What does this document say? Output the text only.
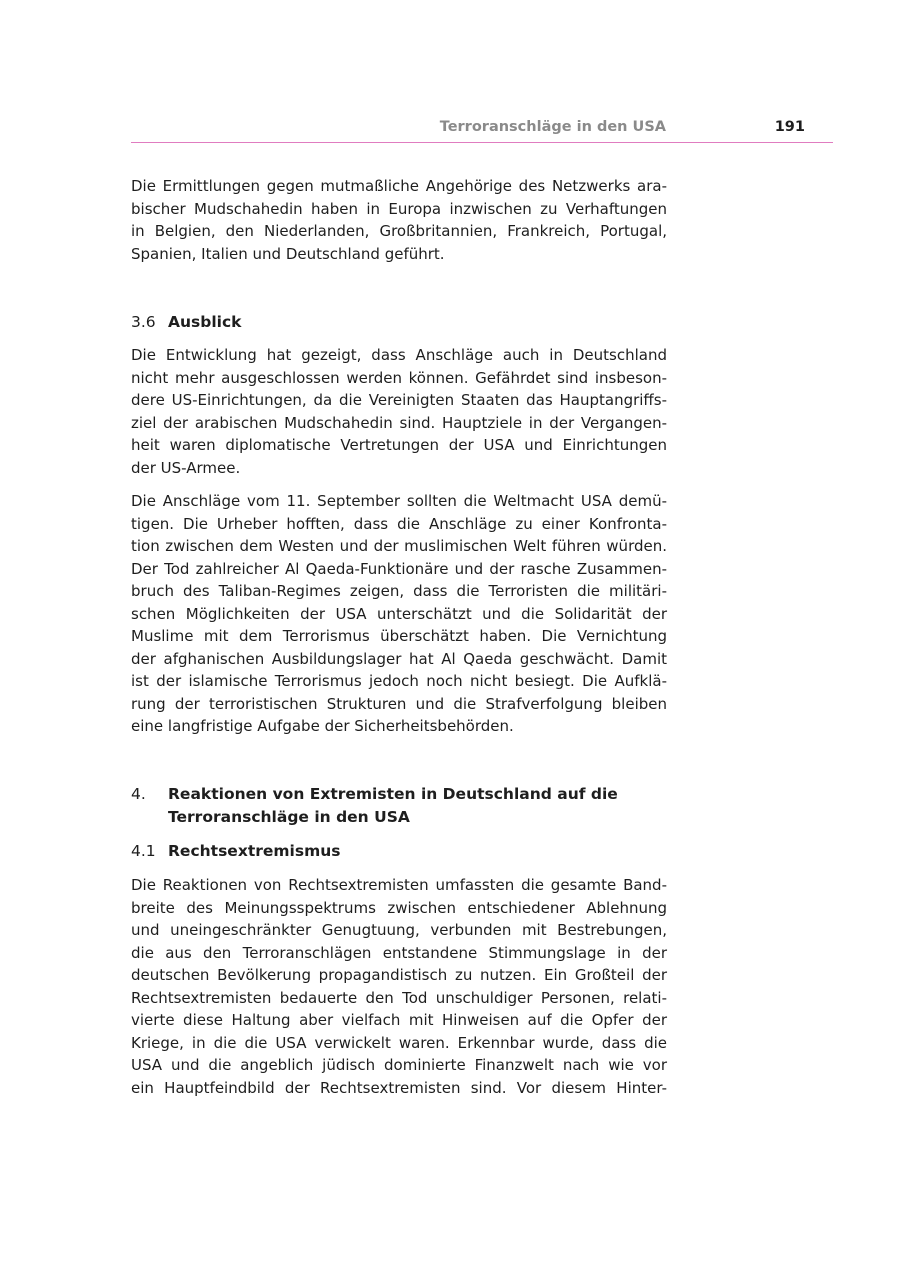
Terroranschläge in den USA	191
Die Ermittlungen gegen mutmaßliche Angehörige des Netzwerks ara-
bischer Mudschahedin haben in Europa inzwischen zu Verhaftungen
in Belgien, den Niederlanden, Großbritannien, Frankreich, Portugal,
Spanien, Italien und Deutschland geführt.
3.6 Ausblick
Die Entwicklung hat gezeigt, dass Anschläge auch in Deutschland
nicht mehr ausgeschlossen werden können. Gefährdet sind insbeson-
dere US-Einrichtungen, da die Vereinigten Staaten das Hauptangriffs-
ziel der arabischen Mudschahedin sind. Hauptziele in der Vergangen-
heit waren diplomatische Vertretungen der USA und Einrichtungen
der US-Armee.
Die Anschläge vom 11. September sollten die Weltmacht USA demü-
tigen. Die Urheber hofften, dass die Anschläge zu einer Konfronta-
tion zwischen dem Westen und der muslimischen Welt führen würden.
Der Tod zahlreicher Al Qaeda-Funktionäre und der rasche Zusammen-
bruch des Taliban-Regimes zeigen, dass die Terroristen die militäri-
schen Möglichkeiten der USA unterschätzt und die Solidarität der
Muslime mit dem Terrorismus überschätzt haben. Die Vernichtung
der afghanischen Ausbildungslager hat Al Qaeda geschwächt. Damit
ist der islamische Terrorismus jedoch noch nicht besiegt. Die Aufklä-
rung der terroristischen Strukturen und die Strafverfolgung bleiben
eine langfristige Aufgabe der Sicherheitsbehörden.
4. Reaktionen von Extremisten in Deutschland auf die
Terroranschläge in den USA
4.1 Rechtsextremismus
Die Reaktionen von Rechtsextremisten umfassten die gesamte Band-
breite des Meinungsspektrums zwischen entschiedener Ablehnung
und uneingeschränkter Genugtuung, verbunden mit Bestrebungen,
die aus den Terroranschlägen entstandene Stimmungslage in der
deutschen Bevölkerung propagandistisch zu nutzen. Ein Großteil der
Rechtsextremisten bedauerte den Tod unschuldiger Personen, relati-
vierte diese Haltung aber vielfach mit Hinweisen auf die Opfer der
Kriege, in die die USA verwickelt waren. Erkennbar wurde, dass die
USA und die angeblich jüdisch dominierte Finanzwelt nach wie vor
ein Hauptfeindbild der Rechtsextremisten sind. Vor diesem Hinter-
